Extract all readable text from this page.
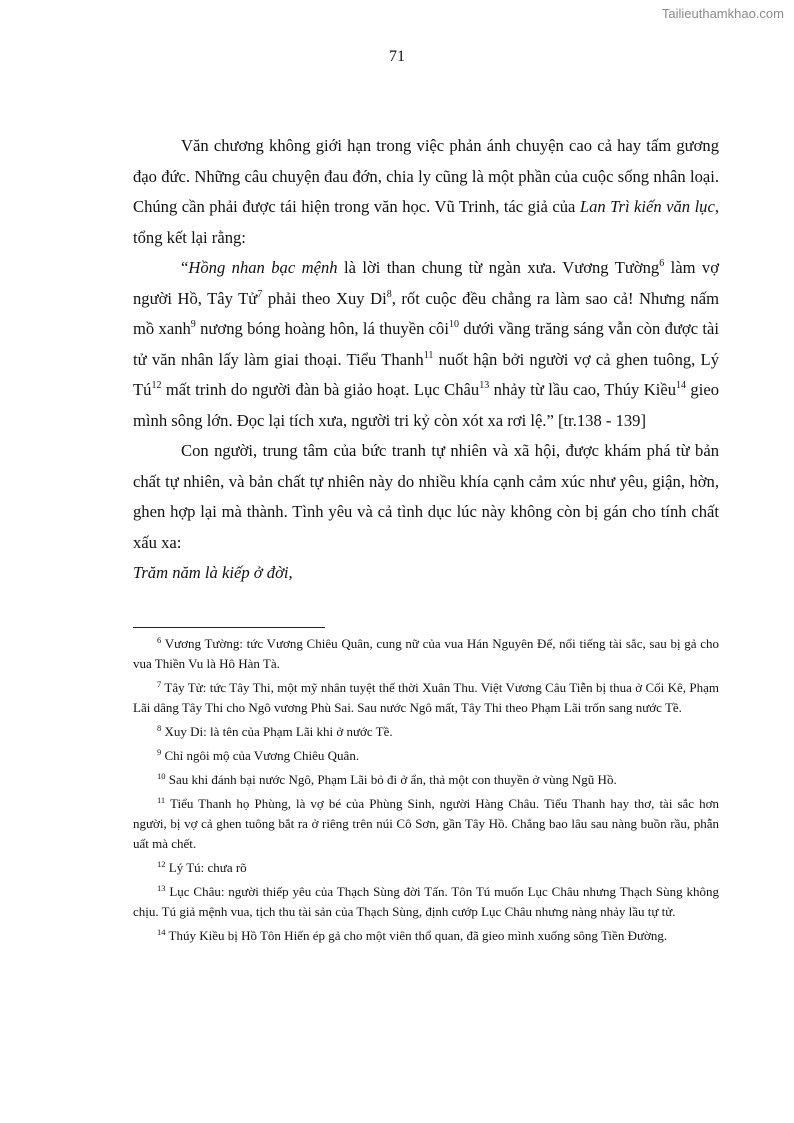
Tailieuthamkhao.com
71

Văn chương không giới hạn trong việc phản ánh chuyện cao cả hay tấm gương đạo đức. Những câu chuyện đau đớn, chia ly cũng là một phần của cuộc sống nhân loại. Chúng cần phải được tái hiện trong văn học. Vũ Trinh, tác giả của Lan Trì kiến văn lục, tổng kết lại rằng:

“Hồng nhan bạc mệnh là lời than chung từ ngàn xưa. Vương Tường$^6$ làm vợ người Hồ, Tây Tử$^7$ phải theo Xuy Di$^8$, rốt cuộc đều chẳng ra làm sao cả! Nhưng nấm mồ xanh$^9$ nương bóng hoàng hôn, lá thuyền côi$^{10}$ dưới vầng trăng sáng vẫn còn được tài tử văn nhân lấy làm giai thoại. Tiểu Thanh$^{11}$ nuốt hận bởi người vợ cả ghen tuông, Lý $Tú^{12}$ mất trinh do người đàn bà giảo hoạt. Lục Châu$^{13}$ nhảy từ lầu cao, Thúy Kiều$^{14}$ gieo mình sông lớn. Đọc lại tích xưa, người tri kỷ còn xót xa rơi lệ.” [tr.138 - 139]

Con người, trung tâm của bức tranh tự nhiên và xã hội, được khám phá từ bản chất tự nhiên, và bản chất tự nhiên này do nhiều khía cạnh cảm xúc như yêu, giận, hờn, ghen hợp lại mà thành. Tình yêu và cả tình dục lúc này không còn bị gán cho tính chất xấu xa:

Trăm năm là kiếp ở đời,

$^6$ Vương Tường: tức Vương Chiêu Quân, cung nữ của vua Hán Nguyên Đế, nổi tiếng tài sắc, sau bị gả cho vua Thiền Vu là Hô Hàn Tà.

$^7$ Tây Tử: tức Tây Thi, một mỹ nhân tuyệt thế thời Xuân Thu. Việt Vương Câu Tiễn bị thua ở Cối Kê, Phạm Lãi dâng Tây Thi cho Ngô vương Phù Sai. Sau nước Ngô mất, Tây Thi theo Phạm Lãi trốn sang nước Tề.

$^8$ Xuy Di: là tên của Phạm Lãi khi ở nước Tề.

$^9$ Chỉ ngôi mộ của Vương Chiêu Quân.

$^{10}$ Sau khi đánh bại nước Ngô, Phạm Lãi bỏ đi ở ẩn, thả một con thuyền ở vùng Ngũ Hồ.

$^{11}$ Tiểu Thanh họ Phùng, là vợ bé của Phùng Sinh, người Hàng Châu. Tiểu Thanh hay thơ, tài sắc hơn người, bị vợ cả ghen tuông bắt ra ở riêng trên núi Cô Sơn, gần Tây Hồ. Chẳng bao lâu sau nàng buồn rầu, phẫn uất mà chết.

$^{12}$ Lý Tú: chưa rõ

$^{13}$ Lục Châu: người thiếp yêu của Thạch Sùng đời Tấn. Tôn Tú muốn Lục Châu nhưng Thạch Sùng không chịu. Tú giả mệnh vua, tịch thu tài sản của Thạch Sùng, định cướp Lục Châu nhưng nàng nhảy lầu tự tử.

$^{14}$ Thúy Kiều bị Hồ Tôn Hiến ép gả cho một viên thổ quan, đã gieo mình xuống sông Tiền Đường.
